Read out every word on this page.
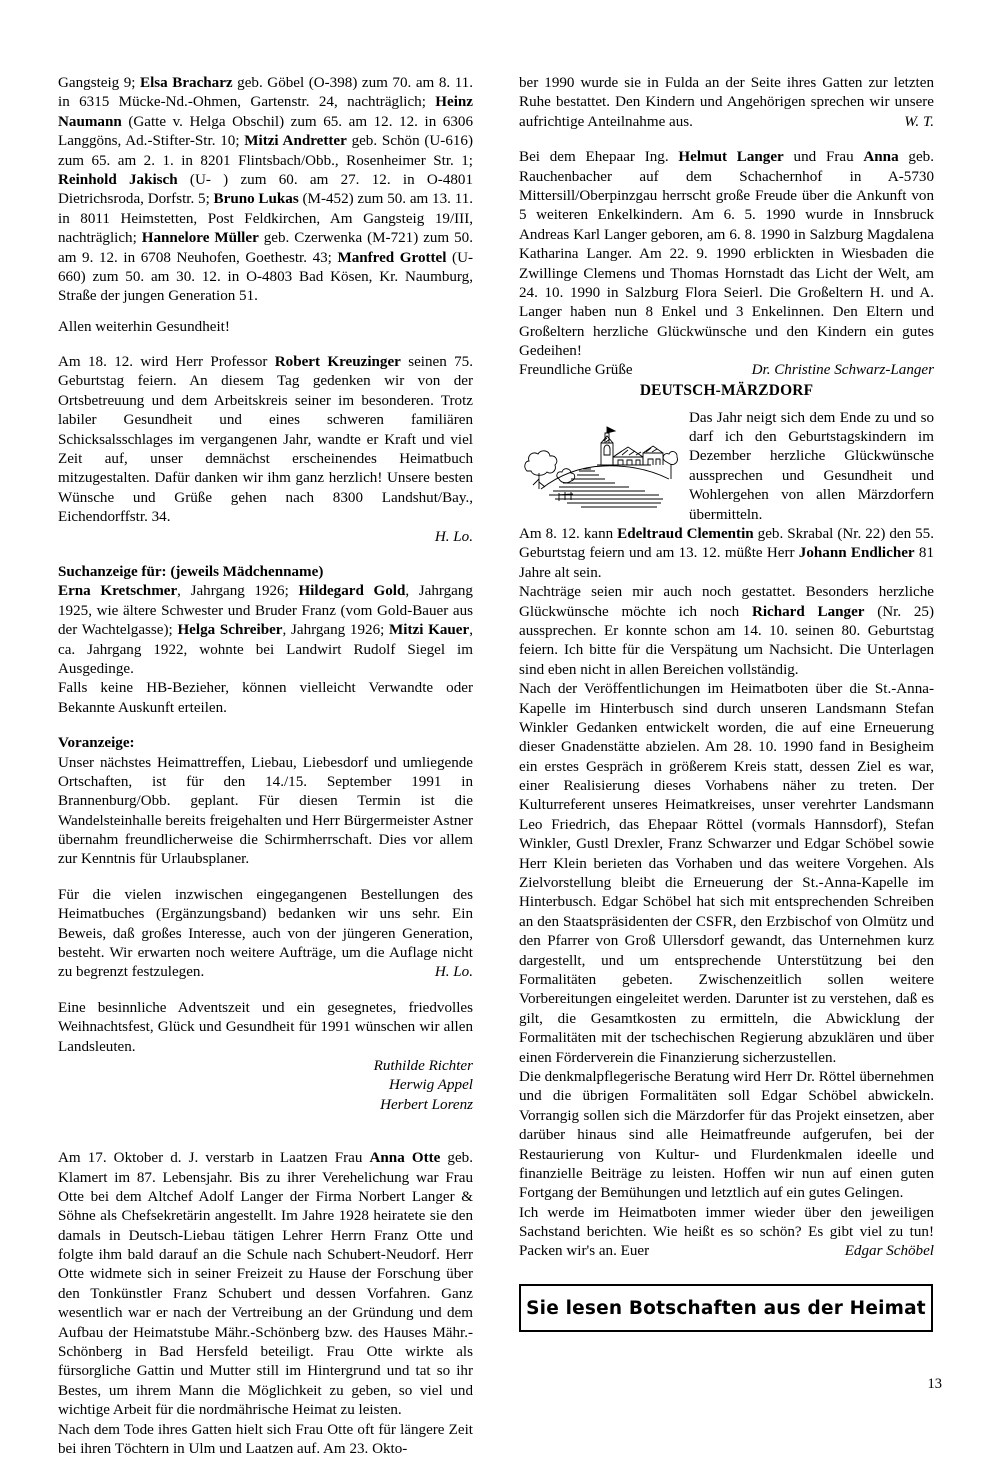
Gangsteig 9; Elsa Bracharz geb. Göbel (O-398) zum 70. am 8. 11. in 6315 Mücke-Nd.-Ohmen, Gartenstr. 24, nachträglich; Heinz Naumann (Gatte v. Helga Obschil) zum 65. am 12. 12. in 6306 Langgöns, Ad.-Stifter-Str. 10; Mitzi Andretter geb. Schön (U-616) zum 65. am 2. 1. in 8201 Flintsbach/Obb., Rosenheimer Str. 1; Reinhold Jakisch (U- ) zum 60. am 27. 12. in O-4801 Dietrichsroda, Dorfstr. 5; Bruno Lukas (M-452) zum 50. am 13. 11. in 8011 Heimstetten, Post Feldkirchen, Am Gangsteig 19/III, nachträglich; Hannelore Müller geb. Czerwenka (M-721) zum 50. am 9. 12. in 6708 Neuhofen, Goethestr. 43; Manfred Grottel (U-660) zum 50. am 30. 12. in O-4803 Bad Kösen, Kr. Naumburg, Straße der jungen Generation 51.

Allen weiterhin Gesundheit!

Am 18. 12. wird Herr Professor Robert Kreuzinger seinen 75. Geburtstag feiern. An diesem Tag gedenken wir von der Ortsbetreuung und dem Arbeitskreis seiner im besonderen. Trotz labiler Gesundheit und eines schweren familiären Schicksalsschlages im vergangenen Jahr, wandte er Kraft und viel Zeit auf, unser demnächst erscheinendes Heimatbuch mitzugestalten. Dafür danken wir ihm ganz herzlich! Unsere besten Wünsche und Grüße gehen nach 8300 Landshut/Bay., Eichendorffstr. 34.

H. Lo.

Suchanzeige für: (jeweils Mädchenname)

Erna Kretschmer, Jahrgang 1926; Hildegard Gold, Jahrgang 1925, wie ältere Schwester und Bruder Franz (vom Gold-Bauer aus der Wachtelgasse); Helga Schreiber, Jahrgang 1926; Mitzi Kauer, ca. Jahrgang 1922, wohnte bei Landwirt Rudolf Siegel im Ausgedinge.

Falls keine HB-Bezieher, können vielleicht Verwandte oder Bekannte Auskunft erteilen.

Voranzeige:

Unser nächstes Heimattreffen, Liebau, Liebesdorf und umliegende Ortschaften, ist für den 14./15. September 1991 in Brannenburg/Obb. geplant. Für diesen Termin ist die Wandelsteinhalle bereits freigehalten und Herr Bürgermeister Astner übernahm freundlicherweise die Schirmherrschaft. Dies vor allem zur Kenntnis für Urlaubsplaner.

Für die vielen inzwischen eingegangenen Bestellungen des Heimatbuches (Ergänzungsband) bedanken wir uns sehr. Ein Beweis, daß großes Interesse, auch von der jüngeren Generation, besteht. Wir erwarten noch weitere Aufträge, um die Auflage nicht zu begrenzt festzulegen.	H. Lo.

Eine besinnliche Adventszeit und ein gesegnetes, friedvolles Weihnachtsfest, Glück und Gesundheit für 1991 wünschen wir allen Landsleuten.

Ruthilde Richter

Herwig Appel

Herbert Lorenz

Am 17. Oktober d. J. verstarb in Laatzen Frau Anna Otte geb. Klamert im 87. Lebensjahr. Bis zu ihrer Verehelichung war Frau Otte bei dem Altchef Adolf Langer der Firma Norbert Langer & Söhne als Chefsekretärin angestellt. Im Jahre 1928 heiratete sie den damals in Deutsch-Liebau tätigen Lehrer Herrn Franz Otte und folgte ihm bald darauf an die Schule nach Schubert-Neudorf. Herr Otte widmete sich in seiner Freizeit zu Hause der Forschung über den Tonkünstler Franz Schubert und dessen Vorfahren. Ganz wesentlich war er nach der Vertreibung an der Gründung und dem Aufbau der Heimatstube Mähr.-Schönberg bzw. des Hauses Mähr.-Schönberg in Bad Hersfeld beteiligt. Frau Otte wirkte als fürsorgliche Gattin und Mutter still im Hintergrund und tat so ihr Bestes, um ihrem Mann die Möglichkeit zu geben, so viel und wichtige Arbeit für die nordmährische Heimat zu leisten.

Nach dem Tode ihres Gatten hielt sich Frau Otte oft für längere Zeit bei ihren Töchtern in Ulm und Laatzen auf. Am 23. Okto-

ber 1990 wurde sie in Fulda an der Seite ihres Gatten zur letzten Ruhe bestattet. Den Kindern und Angehörigen sprechen wir unsere aufrichtige Anteilnahme aus.	W. T.

Bei dem Ehepaar Ing. Helmut Langer und Frau Anna geb. Rauchenbacher auf dem Schachernhof in A-5730 Mittersill/Oberpinzgau herrscht große Freude über die Ankunft von 5 weiteren Enkelkindern. Am 6. 5. 1990 wurde in Innsbruck Andreas Karl Langer geboren, am 6. 8. 1990 in Salzburg Magdalena Katharina Langer. Am 22. 9. 1990 erblickten in Wiesbaden die Zwillinge Clemens und Thomas Hornstadt das Licht der Welt, am 24. 10. 1990 in Salzburg Flora Seierl. Die Großeltern H. und A. Langer haben nun 8 Enkel und 3 Enkelinnen. Den Eltern und Großeltern herzliche Glückwünsche und den Kindern ein gutes Gedeihen!

Freundliche Grüße	Dr. Christine Schwarz-Langer

DEUTSCH-MÄRZDORF

Das Jahr neigt sich dem Ende zu und so darf ich den Geburtstagskindern im Dezember herzliche Glückwünsche aussprechen und Gesundheit und Wohlergehen von allen Märzdorfern übermitteln.

Am 8. 12. kann Edeltraud Clementin geb. Skrabal (Nr. 22) den 55. Geburtstag feiern und am 13. 12. müßte Herr Johann Endlicher 81 Jahre alt sein.

Nachträge seien mir auch noch gestattet. Besonders herzliche Glückwünsche möchte ich noch Richard Langer (Nr. 25) aussprechen. Er konnte schon am 14. 10. seinen 80. Geburtstag feiern. Ich bitte für die Verspätung um Nachsicht. Die Unterlagen sind eben nicht in allen Bereichen vollständig.

Nach der Veröffentlichungen im Heimatboten über die St.-Anna-Kapelle im Hinterbusch sind durch unseren Landsmann Stefan Winkler Gedanken entwickelt worden, die auf eine Erneuerung dieser Gnadenstätte abzielen. Am 28. 10. 1990 fand in Besigheim ein erstes Gespräch in größerem Kreis statt, dessen Ziel es war, einer Realisierung dieses Vorhabens näher zu treten. Der Kulturreferent unseres Heimatkreises, unser verehrter Landsmann Leo Friedrich, das Ehepaar Röttel (vormals Hannsdorf), Stefan Winkler, Gustl Drexler, Franz Schwarzer und Edgar Schöbel sowie Herr Klein berieten das Vorhaben und das weitere Vorgehen. Als Zielvorstellung bleibt die Erneuerung der St.-Anna-Kapelle im Hinterbusch. Edgar Schöbel hat sich mit entsprechenden Schreiben an den Staatspräsidenten der CSFR, den Erzbischof von Olmütz und den Pfarrer von Groß Ullersdorf gewandt, das Unternehmen kurz dargestellt, und um entsprechende Unterstützung bei den Formalitäten gebeten. Zwischenzeitlich sollen weitere Vorbereitungen eingeleitet werden. Darunter ist zu verstehen, daß es gilt, die Gesamtkosten zu ermitteln, die Abwicklung der Formalitäten mit der tschechischen Regierung abzuklären und über einen Förderverein die Finanzierung sicherzustellen.

Die denkmalpflegerische Beratung wird Herr Dr. Röttel übernehmen und die übrigen Formalitäten soll Edgar Schöbel abwickeln. Vorrangig sollen sich die Märzdorfer für das Projekt einsetzen, aber darüber hinaus sind alle Heimatfreunde aufgerufen, bei der Restaurierung von Kultur- und Flurdenkmalen ideelle und finanzielle Beiträge zu leisten. Hoffen wir nun auf einen guten Fortgang der Bemühungen und letztlich auf ein gutes Gelingen.

Ich werde im Heimatboten immer wieder über den jeweiligen Sachstand berichten. Wie heißt es so schön? Es gibt viel zu tun! Packen wir's an. Euer	Edgar Schöbel

Sie lesen Botschaften aus der Heimat
13
